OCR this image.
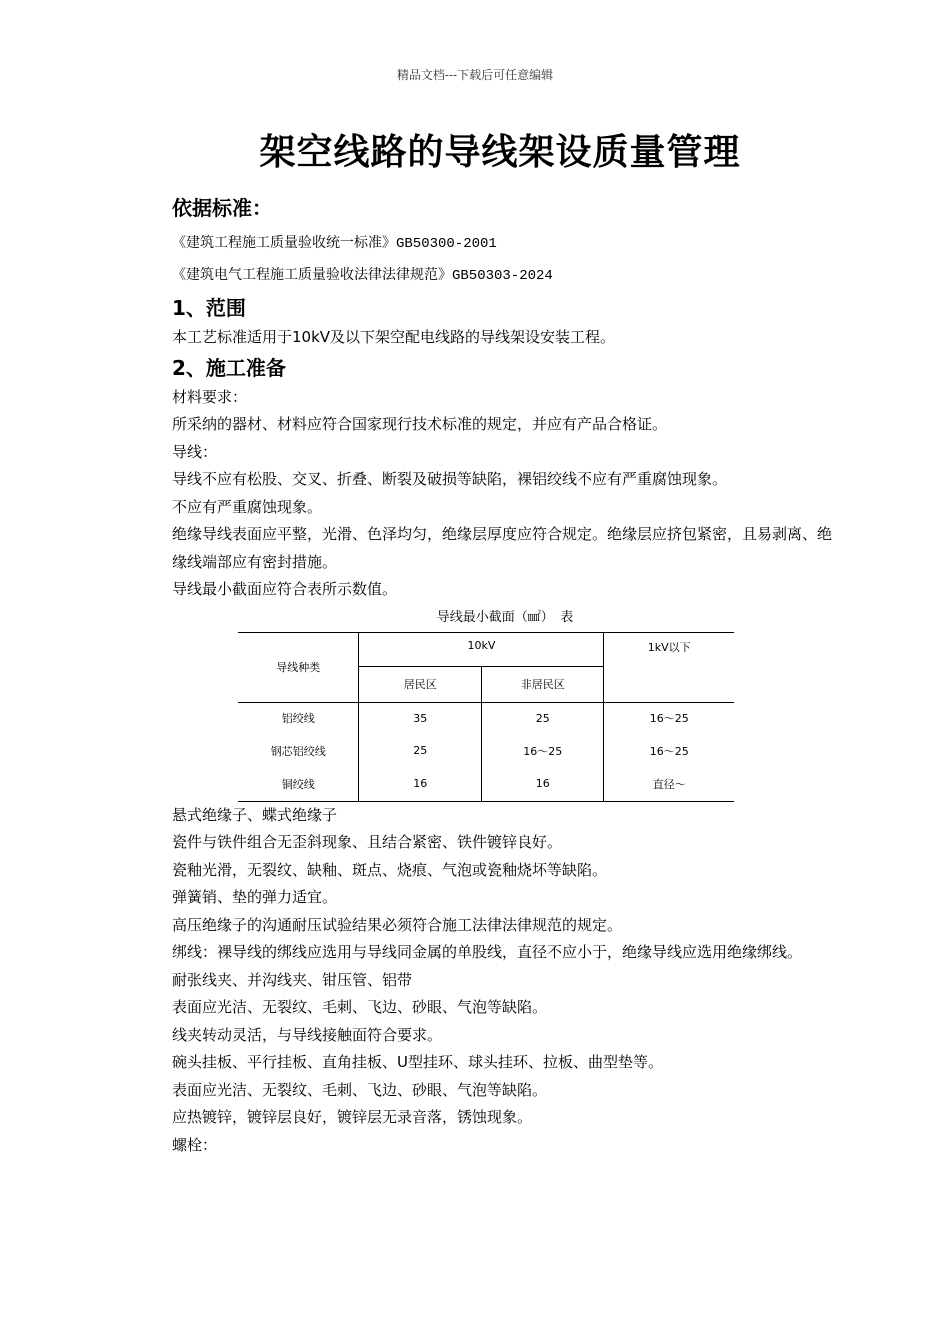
精品文档---下载后可任意编辑
架空线路的导线架设质量管理
依据标准：
《建筑工程施工质量验收统一标准》GB50300-2001
《建筑电气工程施工质量验收法律法律规范》GB50303-2024
1、范围
本工艺标准适用于10kV及以下架空配电线路的导线架设安装工程。
2、施工准备
材料要求：
所采纳的器材、材料应符合国家现行技术标准的规定，并应有产品合格证。
导线：
导线不应有松股、交叉、折叠、断裂及破损等缺陷，裸铝绞线不应有严重腐蚀现象。
不应有严重腐蚀现象。
绝缘导线表面应平整，光滑、色泽均匀，绝缘层厚度应符合规定。绝缘层应挤包紧密，且易剥离、绝缘线端部应有密封措施。
导线最小截面应符合表所示数值。
导线最小截面（㎟）　表
导线种类	10kV		1kV以下
	居民区	非居民区	
铝绞线	35	25	16～25
钢芯铝绞线	25	16～25	16～25
铜绞线	16	16	直径～
悬式绝缘子、蝶式绝缘子
瓷件与铁件组合无歪斜现象、且结合紧密、铁件镀锌良好。
瓷釉光滑，无裂纹、缺釉、斑点、烧痕、气泡或瓷釉烧坏等缺陷。
弹簧销、垫的弹力适宜。
高压绝缘子的沟通耐压试验结果必须符合施工法律法律规范的规定。
绑线：裸导线的绑线应选用与导线同金属的单股线，直径不应小于，绝缘导线应选用绝缘绑线。
耐张线夹、并沟线夹、钳压管、铝带
表面应光洁、无裂纹、毛刺、飞边、砂眼、气泡等缺陷。
线夹转动灵活，与导线接触面符合要求。
碗头挂板、平行挂板、直角挂板、U型挂环、球头挂环、拉板、曲型垫等。
表面应光洁、无裂纹、毛刺、飞边、砂眼、气泡等缺陷。
应热镀锌，镀锌层良好，镀锌层无录音落，锈蚀现象。
螺栓：
